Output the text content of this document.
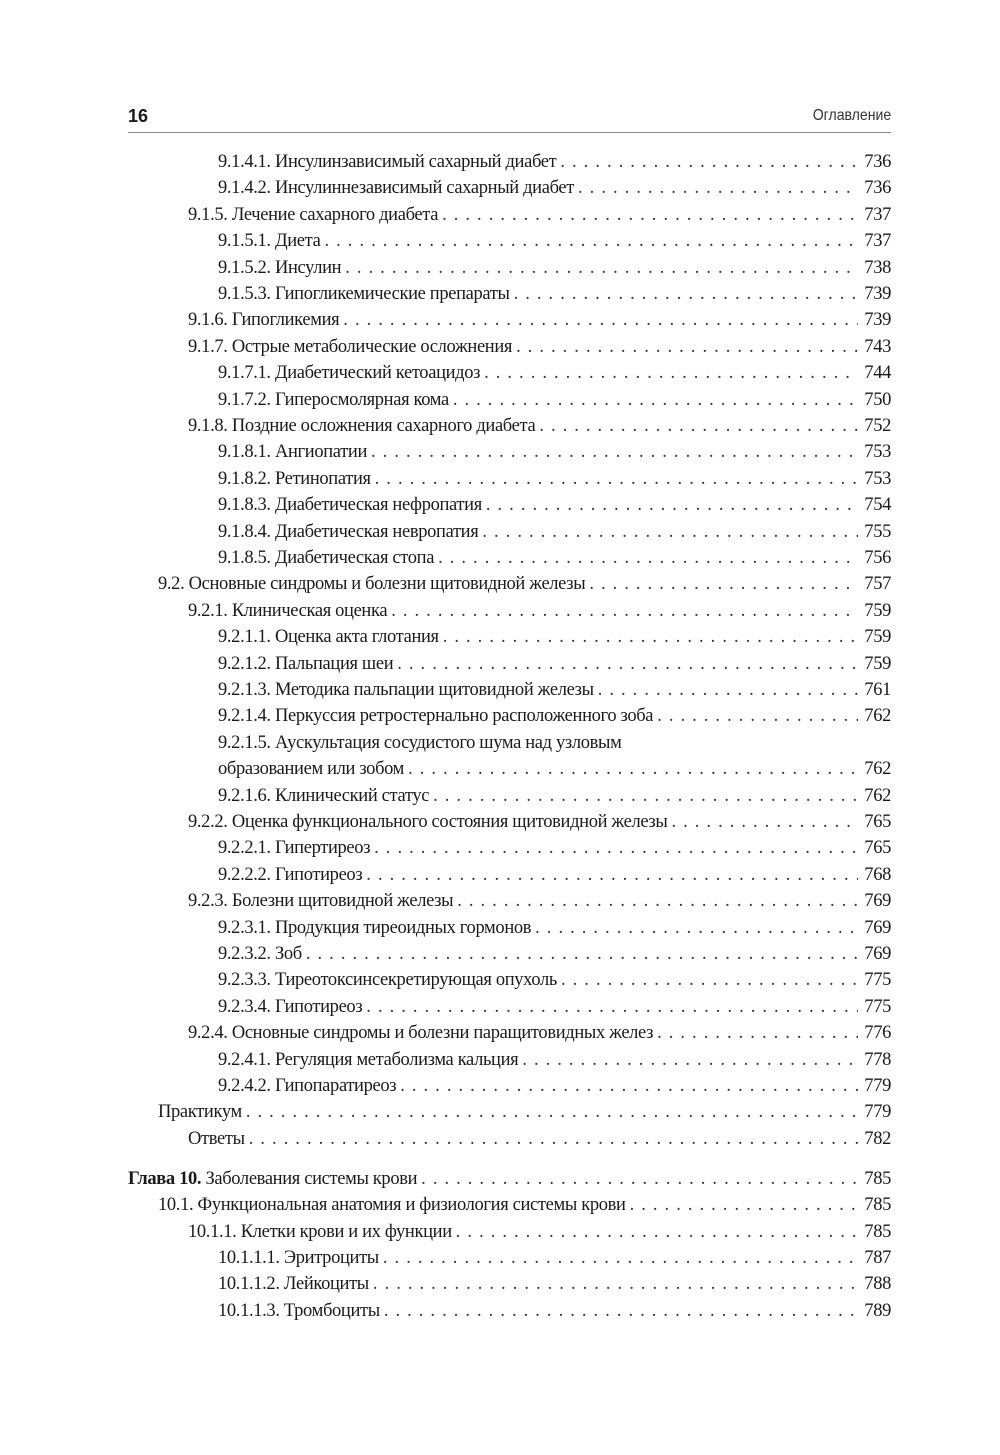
16	Оглавление
9.1.4.1. Инсулинзависимый сахарный диабет . . .	736
9.1.4.2. Инсулиннезависимый сахарный диабет . . .	736
9.1.5. Лечение сахарного диабета . . .	737
9.1.5.1. Диета . . .	737
9.1.5.2. Инсулин . . .	738
9.1.5.3. Гипогликемические препараты . . .	739
9.1.6. Гипогликемия . . .	739
9.1.7. Острые метаболические осложнения . . .	743
9.1.7.1. Диабетический кетоацидоз . . .	744
9.1.7.2. Гиперосмолярная кома . . .	750
9.1.8. Поздние осложнения сахарного диабета . . .	752
9.1.8.1. Ангиопатии . . .	753
9.1.8.2. Ретинопатия . . .	753
9.1.8.3. Диабетическая нефропатия . . .	754
9.1.8.4. Диабетическая невропатия . . .	755
9.1.8.5. Диабетическая стопа . . .	756
9.2. Основные синдромы и болезни щитовидной железы . . .	757
9.2.1. Клиническая оценка . . .	759
9.2.1.1. Оценка акта глотания . . .	759
9.2.1.2. Пальпация шеи . . .	759
9.2.1.3. Методика пальпации щитовидной железы . . .	761
9.2.1.4. Перкуссия ретростернально расположенного зоба . . .	762
9.2.1.5. Аускультация сосудистого шума над узловым
образованием или зобом . . .	762
9.2.1.6. Клинический статус . . .	762
9.2.2. Оценка функционального состояния щитовидной железы . . .	765
9.2.2.1. Гипертиреоз . . .	765
9.2.2.2. Гипотиреоз . . .	768
9.2.3. Болезни щитовидной железы . . .	769
9.2.3.1. Продукция тиреоидных гормонов . . .	769
9.2.3.2. Зоб . . .	769
9.2.3.3. Тиреотоксинсекретирующая опухоль . . .	775
9.2.3.4. Гипотиреоз . . .	775
9.2.4. Основные синдромы и болезни паращитовидных желез . . .	776
9.2.4.1. Регуляция метаболизма кальция . . .	778
9.2.4.2. Гипопаратиреоз . . .	779
Практикум . . .	779
Ответы . . .	782
Глава 10. Заболевания системы крови . . .	785
10.1. Функциональная анатомия и физиология системы крови . . .	785
10.1.1. Клетки крови и их функции . . .	785
10.1.1.1. Эритроциты . . .	787
10.1.1.2. Лейкоциты . . .	788
10.1.1.3. Тромбоциты . . .	789
